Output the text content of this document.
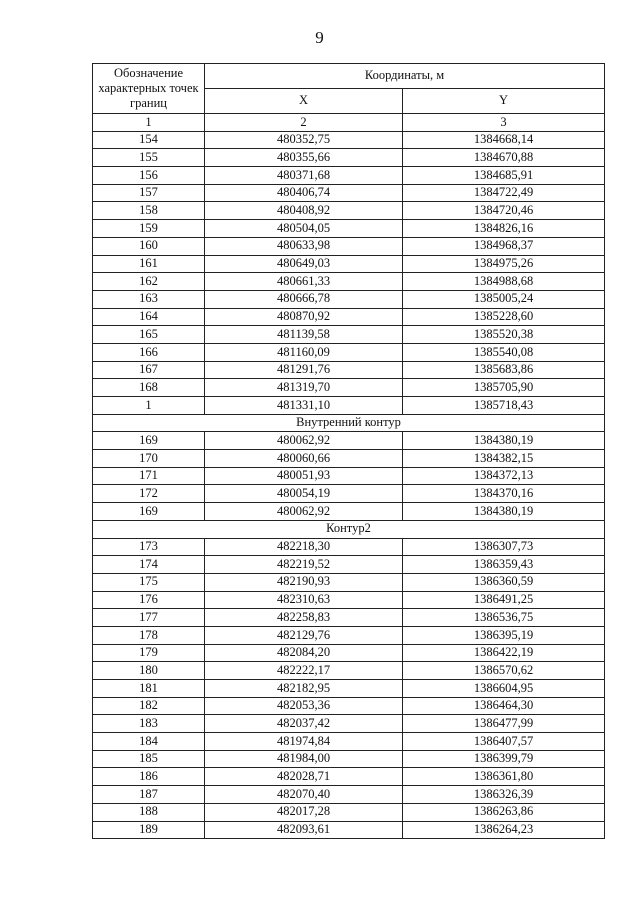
9
Обозначение характерных точек границ	Координаты, м	
	X	Y
1	2	3
154	480352,75	1384668,14
155	480355,66	1384670,88
156	480371,68	1384685,91
157	480406,74	1384722,49
158	480408,92	1384720,46
159	480504,05	1384826,16
160	480633,98	1384968,37
161	480649,03	1384975,26
162	480661,33	1384988,68
163	480666,78	1385005,24
164	480870,92	1385228,60
165	481139,58	1385520,38
166	481160,09	1385540,08
167	481291,76	1385683,86
168	481319,70	1385705,90
1	481331,10	1385718,43
Внутренний контур		
169	480062,92	1384380,19
170	480060,66	1384382,15
171	480051,93	1384372,13
172	480054,19	1384370,16
169	480062,92	1384380,19
Контур2		
173	482218,30	1386307,73
174	482219,52	1386359,43
175	482190,93	1386360,59
176	482310,63	1386491,25
177	482258,83	1386536,75
178	482129,76	1386395,19
179	482084,20	1386422,19
180	482222,17	1386570,62
181	482182,95	1386604,95
182	482053,36	1386464,30
183	482037,42	1386477,99
184	481974,84	1386407,57
185	481984,00	1386399,79
186	482028,71	1386361,80
187	482070,40	1386326,39
188	482017,28	1386263,86
189	482093,61	1386264,23
